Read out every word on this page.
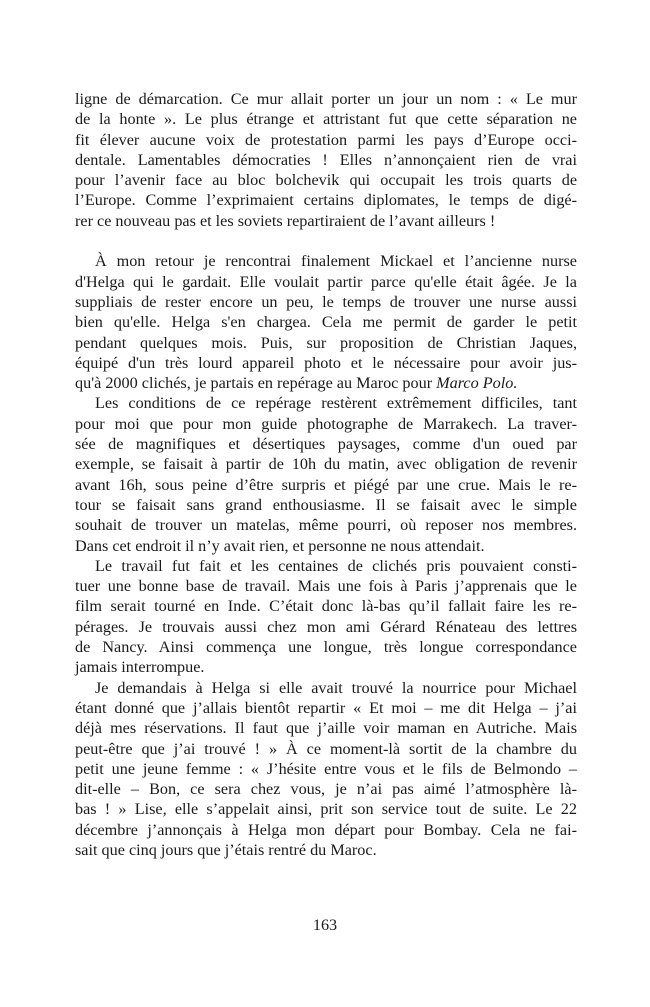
ligne de démarcation. Ce mur allait porter un jour un nom : « Le mur
de la honte ». Le plus étrange et attristant fut que cette séparation ne
fit élever aucune voix de protestation parmi les pays d’Europe occi-
dentale. Lamentables démocraties ! Elles n’annonçaient rien de vrai
pour l’avenir face au bloc bolchevik qui occupait les trois quarts de
l’Europe. Comme l’exprimaient certains diplomates, le temps de digé-
rer ce nouveau pas et les soviets repartiraient de l’avant ailleurs !
À mon retour je rencontrai finalement Mickael et l’ancienne nurse
d'Helga qui le gardait. Elle voulait partir parce qu'elle était âgée. Je la
suppliais de rester encore un peu, le temps de trouver une nurse aussi
bien qu'elle. Helga s'en chargea. Cela me permit de garder le petit
pendant quelques mois. Puis, sur proposition de Christian Jaques,
équipé d'un très lourd appareil photo et le nécessaire pour avoir jus-
qu'à 2000 clichés, je partais en repérage au Maroc pour Marco Polo.
Les conditions de ce repérage restèrent extrêmement difficiles, tant
pour moi que pour mon guide photographe de Marrakech. La traver-
sée de magnifiques et désertiques paysages, comme d'un oued par
exemple, se faisait à partir de 10h du matin, avec obligation de revenir
avant 16h, sous peine d’être surpris et piégé par une crue. Mais le re-
tour se faisait sans grand enthousiasme. Il se faisait avec le simple
souhait de trouver un matelas, même pourri, où reposer nos membres.
Dans cet endroit il n’y avait rien, et personne ne nous attendait.
Le travail fut fait et les centaines de clichés pris pouvaient consti-
tuer une bonne base de travail. Mais une fois à Paris j’apprenais que le
film serait tourné en Inde. C’était donc là-bas qu’il fallait faire les re-
pérages. Je trouvais aussi chez mon ami Gérard Rénateau des lettres
de Nancy. Ainsi commença une longue, très longue correspondance
jamais interrompue.
Je demandais à Helga si elle avait trouvé la nourrice pour Michael
étant donné que j’allais bientôt repartir « Et moi – me dit Helga – j’ai
déjà mes réservations. Il faut que j’aille voir maman en Autriche. Mais
peut-être que j’ai trouvé ! » À ce moment-là sortit de la chambre du
petit une jeune femme : « J’hésite entre vous et le fils de Belmondo –
dit-elle – Bon, ce sera chez vous, je n’ai pas aimé l’atmosphère là-
bas ! » Lise, elle s’appelait ainsi, prit son service tout de suite. Le 22
décembre j’annonçais à Helga mon départ pour Bombay. Cela ne fai-
sait que cinq jours que j’étais rentré du Maroc.
163
